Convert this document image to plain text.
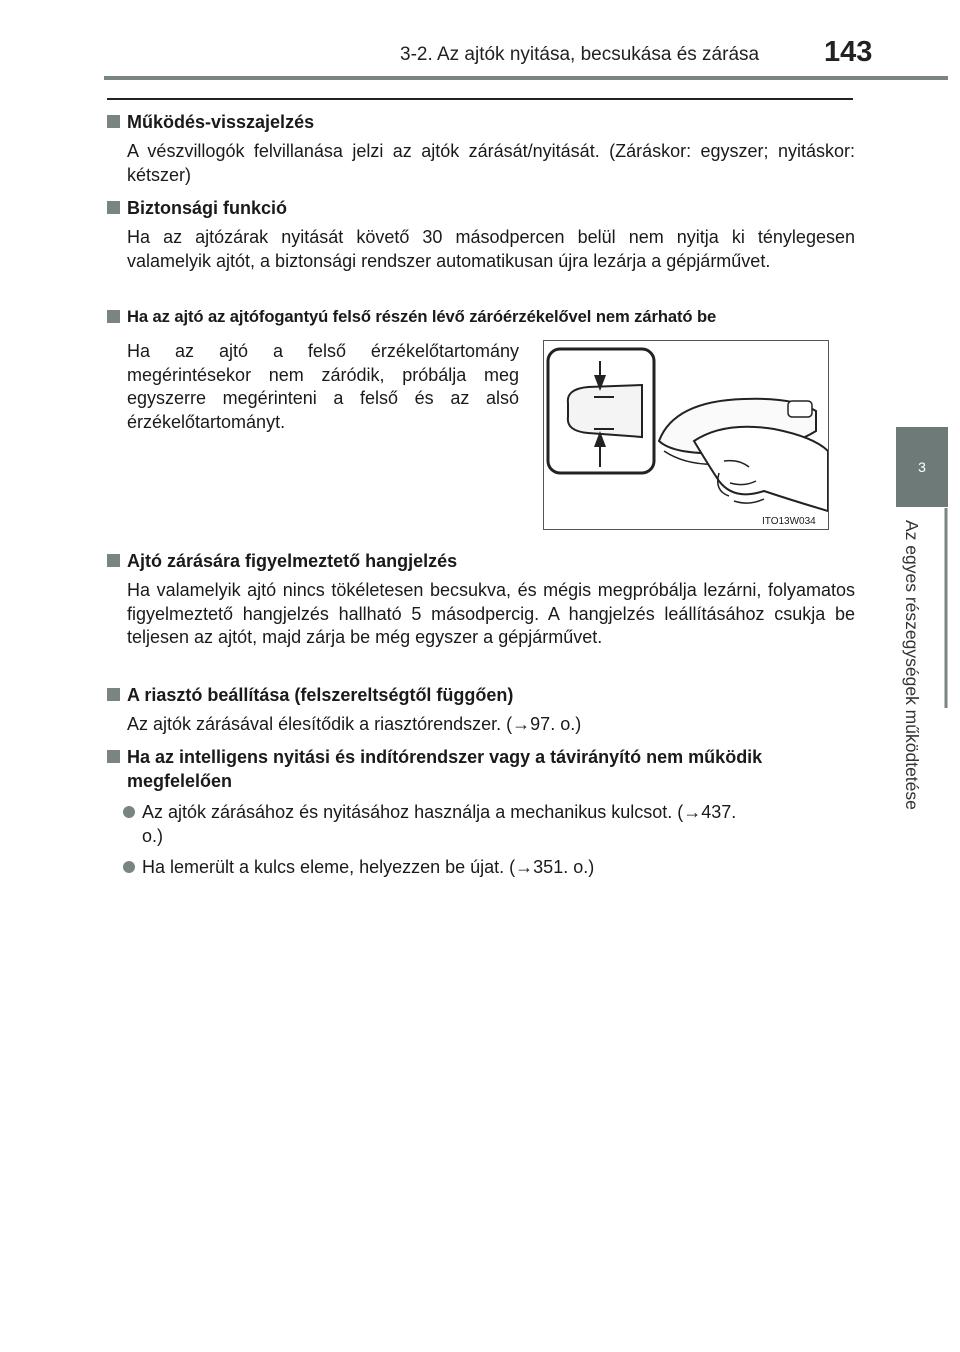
3-2. Az ajtók nyitása, becsukása és zárása 143
3
Az egyes részegységek működtetése
Működés-visszajelzés
A vészvillogók felvillanása jelzi az ajtók zárását/nyitását. (Záráskor: egyszer; nyitáskor: kétszer)
Biztonsági funkció
Ha az ajtózárak nyitását követő 30 másodpercen belül nem nyitja ki ténylegesen valamelyik ajtót, a biztonsági rendszer automatikusan újra lezárja a gépjárművet.
Ha az ajtó az ajtófogantyú felső részén lévő záróérzékelővel nem zárható be
Ha az ajtó a felső érzékelőtartomány megérintésekor nem záródik, próbálja meg egyszerre megérinteni a felső és az alsó érzékelőtartományt.
ITO13W034
Ajtó zárására figyelmeztető hangjelzés
Ha valamelyik ajtó nincs tökéletesen becsukva, és mégis megpróbálja lezárni, folyamatos figyelmeztető hangjelzés hallható 5 másodpercig. A hangjelzés leállításához csukja be teljesen az ajtót, majd zárja be még egyszer a gépjárművet.
A riasztó beállítása (felszereltségtől függően)
Az ajtók zárásával élesítődik a riasztórendszer. (→97. o.)
Ha az intelligens nyitási és indítórendszer vagy a távirányító nem működik megfelelően
Az ajtók zárásához és nyitásához használja a mechanikus kulcsot. (→437. o.)
Ha lemerült a kulcs eleme, helyezzen be újat. (→351. o.)
